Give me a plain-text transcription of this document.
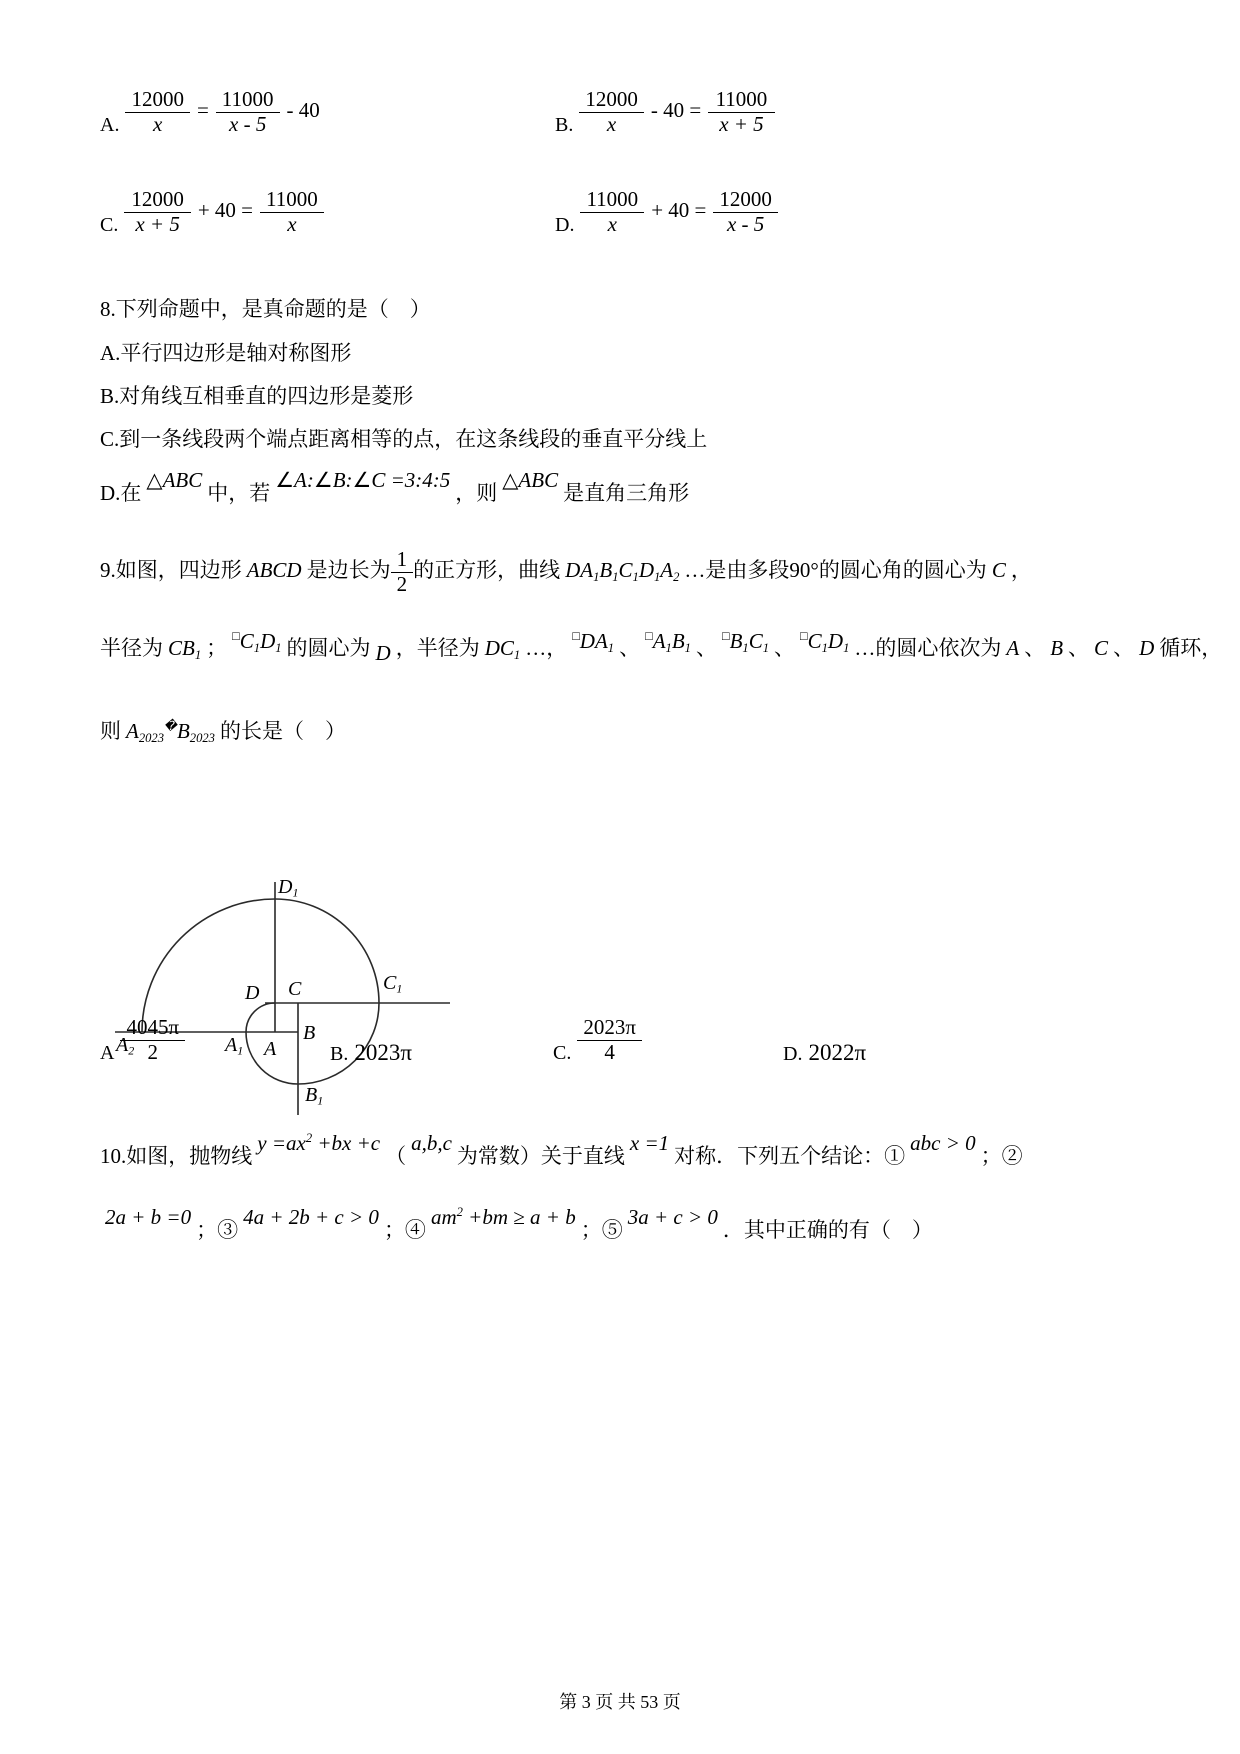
A. $\frac{12000}{x} = \frac{11000}{x - 5} - 40$
B. $\frac{12000}{x} - 40 = \frac{11000}{x + 5}$
C. $\frac{12000}{x + 5} + 40 = \frac{11000}{x}$	D. $\frac{11000}{x} + 40 = \frac{12000}{x - 5}$
8.下列命题中，是真命题的是（　）
A.平行四边形是轴对称图形
B.对角线互相垂直的四边形是菱形
C.到一条线段两个端点距离相等的点，在这条线段的垂直平分线上
D.在△ABC中，若∠A:∠B:∠C =3:4:5，则△ABC是直角三角形
9.如图，四边形 ABCD 是边长为 $\frac{1}{2}$ 的正方形，曲线 $DA_1B_1C_1D_1A_2$ …是由多段90°的圆心角的圆心为 C ，
半径为 $CB_1$ ；$^□C_1D_1$ 的圆心为 D ，半径为 $DC_1$ …，$^□DA_1$ 、$^□A_1B_1$ 、$^□B_1C_1$ 、$^□C_1D_1$ …的圆心依次为 A 、 B 、 C 、 D 循环，
则 $A_{2023}^�B_{2023}$ 的长是（　）
$D_1$
$C_1$
D C
$A_2$	$A_1$ A
B
$B_1$
A $\frac{4045\pi}{2}$	B. 2023π	C. $\frac{2023\pi}{4}$	D. 2022π
10.如图，抛物线$y =ax^2 +bx +c(a,b,c$为常数）关于直线x =1对称．下列五个结论：①abc > 0；②
2a + b =0；③4a + 2b + c > 0；$④am^2 +bm \ge a + b$；⑤3a + c > 0．其中正确的有（　）
第 3 页 共 53 页
